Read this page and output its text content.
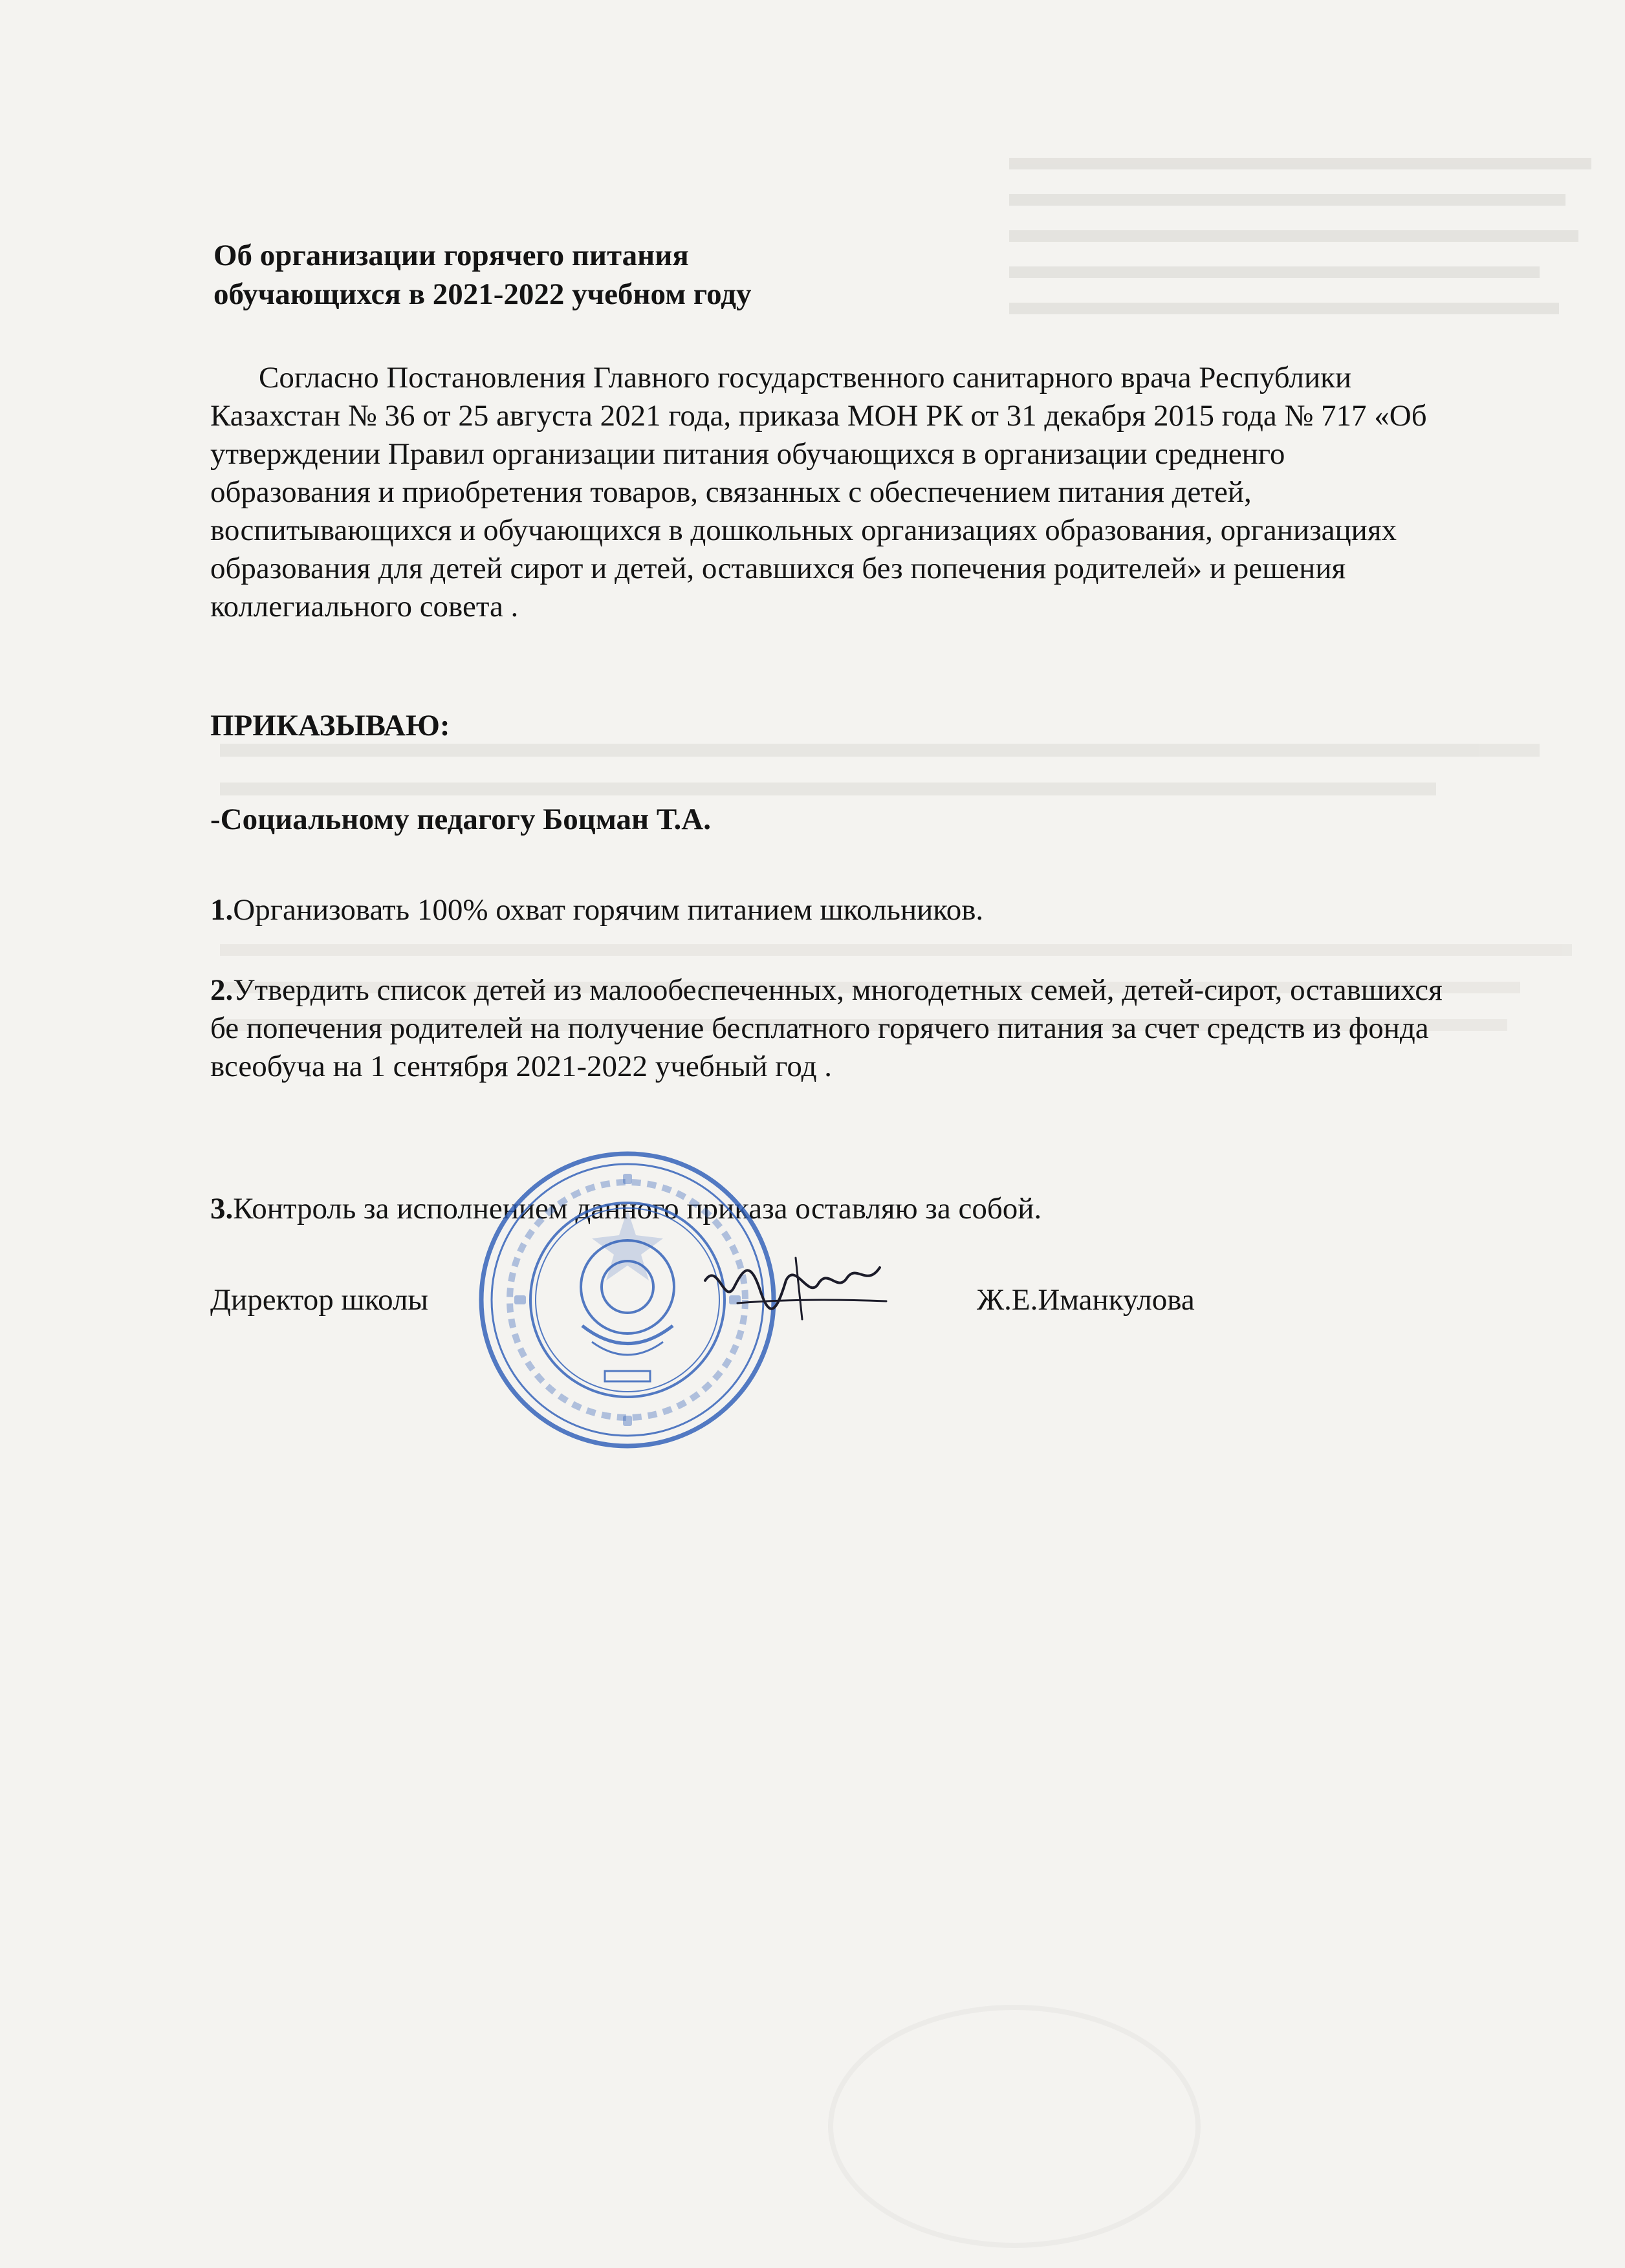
Об организации горячего питания
обучающихся в 2021-2022 учебном году
Согласно Постановления Главного государственного санитарного врача Республики Казахстан № 36 от 25 августа 2021 года, приказа МОН РК от 31 декабря 2015 года № 717 «Об утверждении Правил организации питания обучающихся в организации средненго образования и приобретения товаров, связанных с обеспечением питания детей, воспитывающихся и обучающихся в дошкольных организациях образования, организациях образования для детей сирот и детей, оставшихся без попечения родителей» и решения коллегиального совета .
ПРИКАЗЫВАЮ:
-Социальному педагогу Боцман Т.А.
1.Организовать 100% охват горячим питанием школьников.
2.Утвердить список детей из малообеспеченных, многодетных семей, детей-сирот, оставшихся бе попечения родителей на получение бесплатного горячего питания за счет средств из фонда всеобуча на 1 сентября 2021-2022 учебный год .
3.Контроль за исполнением данного приказа оставляю за собой.
Директор школы	Ж.Е.Иманкулова
